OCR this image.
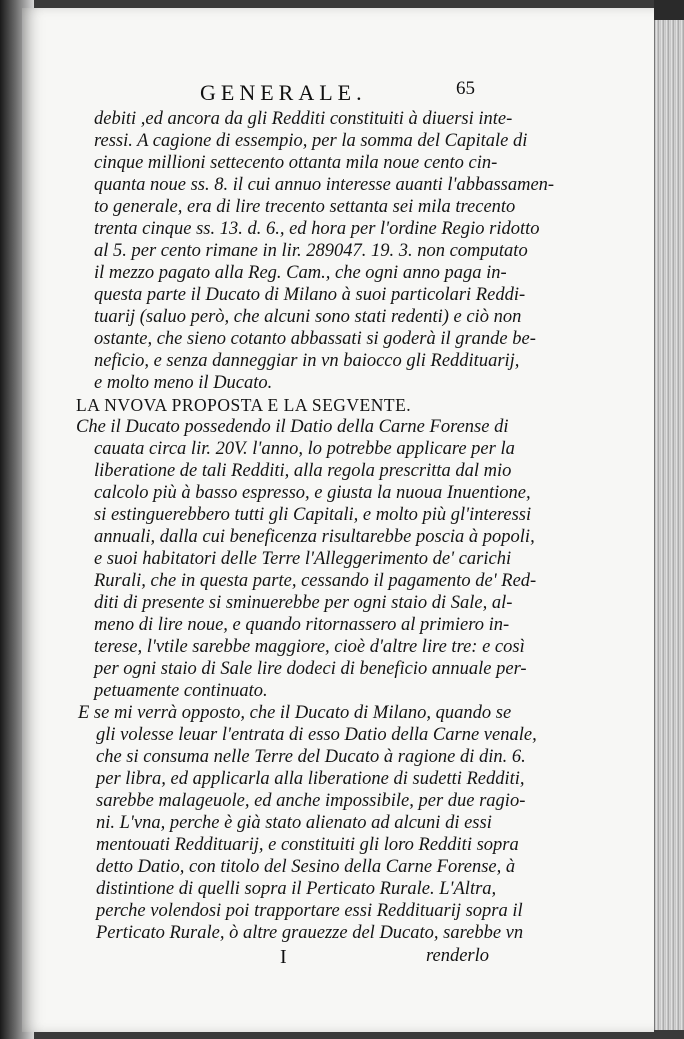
GENERALE.	65
debiti ,ed ancora da gli Redditi constituiti à diuersi inte-
ressi. A cagione di essempio, per la somma del Capitale di
cinque millioni settecento ottanta mila noue cento cin-
quanta noue ss. 8. il cui annuo interesse auanti l'abbassamen-
to generale, era di lire trecento settanta sei mila trecento
trenta cinque ss. 13. d. 6., ed hora per l'ordine Regio ridotto
al 5. per cento rimane in lir. 289047. 19. 3. non computato
il mezzo pagato alla Reg. Cam., che ogni anno paga in-
questa parte il Ducato di Milano à suoi particolari Reddi-
tuarij (saluo però, che alcuni sono stati redenti) e ciò non
ostante, che sieno cotanto abbassati si goderà il grande be-
neficio, e senza danneggiar in vn baiocco gli Reddituarij,
e molto meno il Ducato.
LA NVOVA PROPOSTA E LA SEGVENTE.
Che il Ducato possedendo il Datio della Carne Forense di
cauata circa lir. 20V. l'anno, lo potrebbe applicare per la
liberatione de tali Redditi, alla regola prescritta dal mio
calcolo più à basso espresso, e giusta la nuoua Inuentione,
si estinguerebbero tutti gli Capitali, e molto più gl'interessi
annuali, dalla cui beneficenza risultarebbe poscia à popoli,
e suoi habitatori delle Terre l'Alleggerimento de' carichi
Rurali, che in questa parte, cessando il pagamento de' Red-
diti di presente si sminuerebbe per ogni staio di Sale, al-
meno di lire noue, e quando ritornassero al primiero in-
terese, l'vtile sarebbe maggiore, cioè d'altre lire tre: e così
per ogni staio di Sale lire dodeci di beneficio annuale per-
petuamente continuato.
E se mi verrà opposto, che il Ducato di Milano, quando se
gli volesse leuar l'entrata di esso Datio della Carne venale,
che si consuma nelle Terre del Ducato à ragione di din. 6.
per libra, ed applicarla alla liberatione di sudetti Redditi,
sarebbe malageuole, ed anche impossibile, per due ragio-
ni. L'vna, perche è già stato alienato ad alcuni di essi
mentouati Reddituarij, e constituiti gli loro Redditi sopra
detto Datio, con titolo del Sesino della Carne Forense, à
distintione di quelli sopra il Perticato Rurale. L'Altra,
perche volendosi poi trapportare essi Reddituarij sopra il
Perticato Rurale, ò altre grauezze del Ducato, sarebbe vn
I	renderlo
